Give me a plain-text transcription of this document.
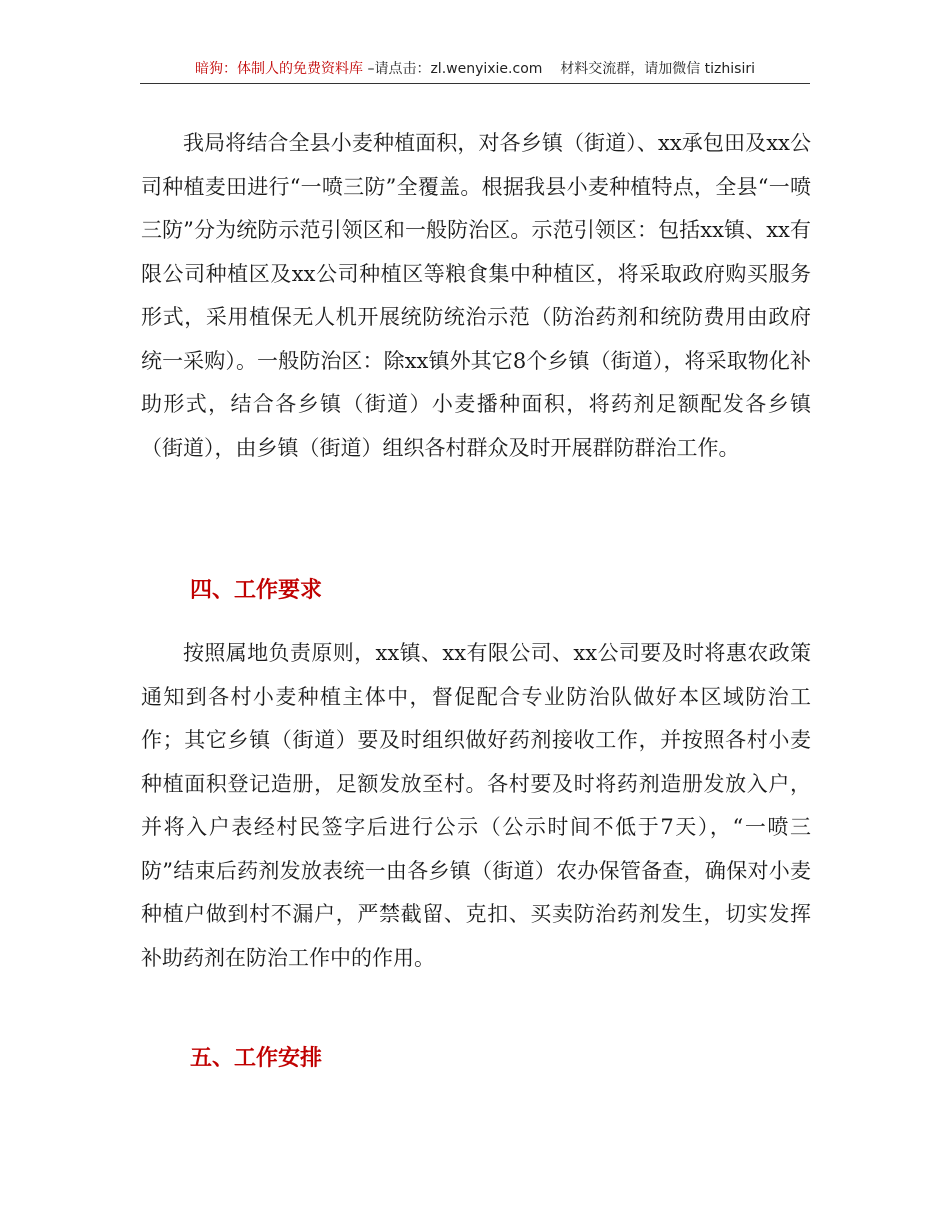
暗狗：体制人的免费资料库 –请点击：zl.wenyixie.com 材料交流群，请加微信 tizhisiri

我局将结合全县小麦种植面积，对各乡镇（街道）、xx承包田及xx公司种植麦田进行“一喷三防”全覆盖。根据我县小麦种植特点，全县“一喷三防”分为统防示范引领区和一般防治区。示范引领区：包括xx镇、xx有限公司种植区及xx公司种植区等粮食集中种植区，将采取政府购买服务形式，采用植保无人机开展统防统治示范（防治药剂和统防费用由政府统一采购）。一般防治区：除xx镇外其它8个乡镇（街道），将采取物化补助形式，结合各乡镇（街道）小麦播种面积，将药剂足额配发各乡镇（街道），由乡镇（街道）组织各村群众及时开展群防群治工作。

四、工作要求

按照属地负责原则，xx镇、xx有限公司、xx公司要及时将惠农政策通知到各村小麦种植主体中，督促配合专业防治队做好本区域防治工作；其它乡镇（街道）要及时组织做好药剂接收工作，并按照各村小麦种植面积登记造册，足额发放至村。各村要及时将药剂造册发放入户，并将入户表经村民签字后进行公示（公示时间不低于7天），“一喷三防”结束后药剂发放表统一由各乡镇（街道）农办保管备查，确保对小麦种植户做到村不漏户，严禁截留、克扣、买卖防治药剂发生，切实发挥补助药剂在防治工作中的作用。

五、工作安排
